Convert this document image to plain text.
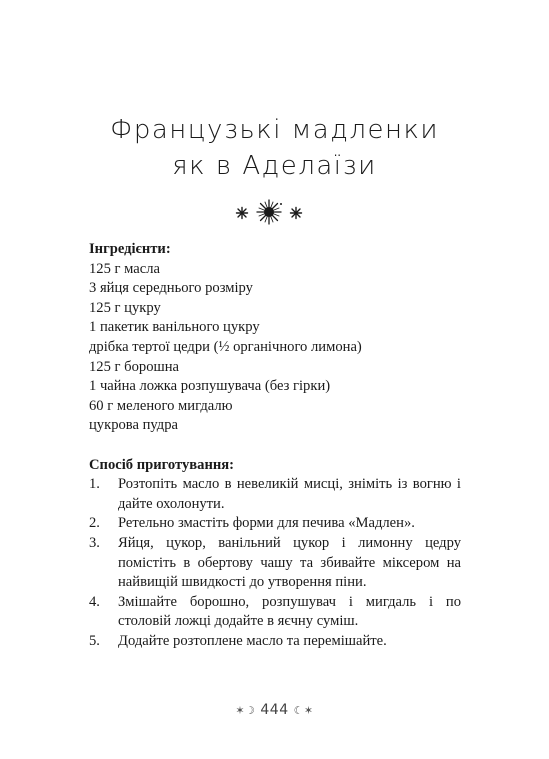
Французькі мадленки
як в Аделаїзи
Інгредієнти:
125 г масла
3 яйця середнього розміру
125 г цукру
1 пакетик ванільного цукру
дрібка тертої цедри (½ органічного лимона)
125 г борошна
1 чайна ложка розпушувача (без гірки)
60 г меленого мигдалю
цукрова пудра
Спосіб приготування:
1.	Розтопіть масло в невеликій мисці, зніміть із вогню і дайте охолонути.
2.	Ретельно змастіть форми для печива «Мадлен».
3.	Яйця, цукор, ванільний цукор і лимонну цедру помістіть в обертову чашу та збивайте міксером на найвищій швидкості до утворення піни.
4.	Змішайте борошно, розпушувач і мигдаль і по столовій ложці додайте в яєчну суміш.
5.	Додайте розтоплене масло та перемішайте.
✶☽ 444 ☾✶
